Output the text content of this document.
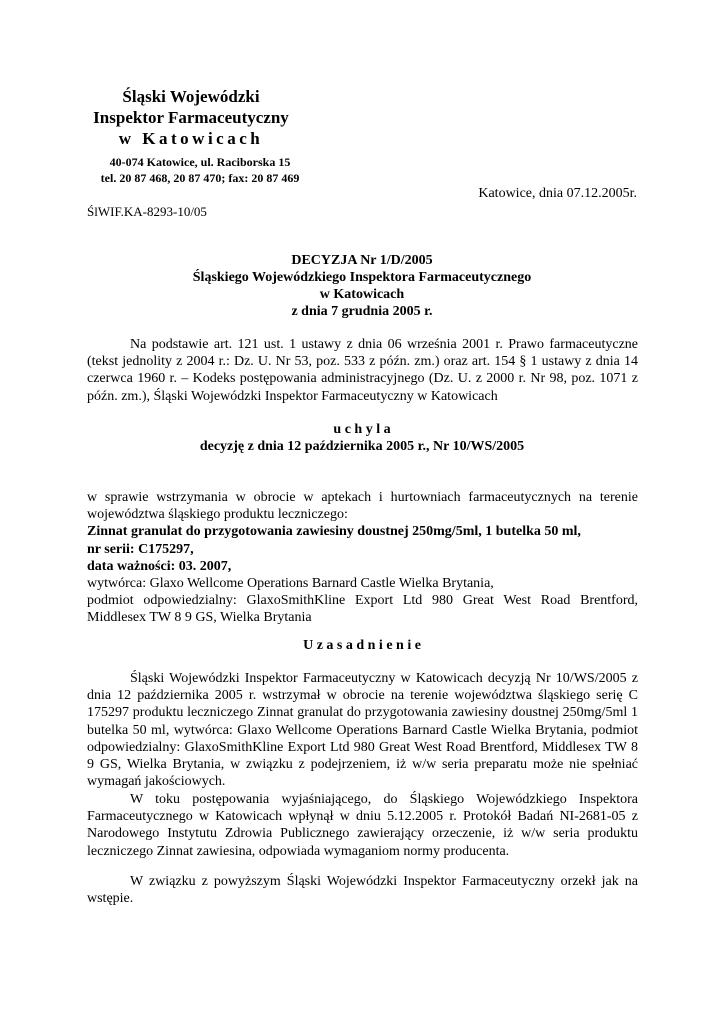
Śląski Wojewódzki
Inspektor Farmaceutyczny
w Katowicach
40-074 Katowice, ul. Raciborska 15
tel. 20 87 468, 20 87 470; fax: 20 87 469
Katowice, dnia 07.12.2005r.
ŚlWIF.KA-8293-10/05
DECYZJA Nr 1/D/2005
Śląskiego Wojewódzkiego Inspektora Farmaceutycznego
w Katowicach
z dnia 7 grudnia 2005 r.
Na podstawie art. 121 ust. 1 ustawy z dnia 06 września 2001 r. Prawo farmaceutyczne (tekst jednolity z 2004 r.: Dz. U. Nr 53, poz. 533 z późn. zm.) oraz art. 154 § 1 ustawy z dnia 14 czerwca 1960 r. – Kodeks postępowania administracyjnego (Dz. U. z 2000 r. Nr 98, poz. 1071 z późn. zm.), Śląski Wojewódzki Inspektor Farmaceutyczny w Katowicach
u c h y l a
decyzję z dnia 12 października 2005 r., Nr 10/WS/2005
w sprawie wstrzymania w obrocie w aptekach i hurtowniach farmaceutycznych na terenie województwa śląskiego produktu leczniczego:
Zinnat granulat do przygotowania zawiesiny doustnej 250mg/5ml, 1 butelka 50 ml,
nr serii: C175297,
data ważności: 03. 2007,
wytwórca: Glaxo Wellcome Operations Barnard Castle Wielka Brytania,
podmiot odpowiedzialny: GlaxoSmithKline Export Ltd 980 Great West Road Brentford, Middlesex TW 8 9 GS, Wielka Brytania
U z a s a d n i e n i e
Śląski Wojewódzki Inspektor Farmaceutyczny w Katowicach decyzją Nr 10/WS/2005 z dnia 12 października 2005 r. wstrzymał w obrocie na terenie województwa śląskiego serię C 175297 produktu leczniczego Zinnat granulat do przygotowania zawiesiny doustnej 250mg/5ml 1 butelka 50 ml, wytwórca: Glaxo Wellcome Operations Barnard Castle Wielka Brytania, podmiot odpowiedzialny: GlaxoSmithKline Export Ltd 980 Great West Road Brentford, Middlesex TW 8 9 GS, Wielka Brytania, w związku z podejrzeniem, iż w/w seria preparatu może nie spełniać wymagań jakościowych.
W toku postępowania wyjaśniającego, do Śląskiego Wojewódzkiego Inspektora Farmaceutycznego w Katowicach wpłynął w dniu 5.12.2005 r. Protokół Badań NI-2681-05 z Narodowego Instytutu Zdrowia Publicznego zawierający orzeczenie, iż w/w seria produktu leczniczego Zinnat zawiesina, odpowiada wymaganiom normy producenta.
W związku z powyższym Śląski Wojewódzki Inspektor Farmaceutyczny orzekł jak na wstępie.
